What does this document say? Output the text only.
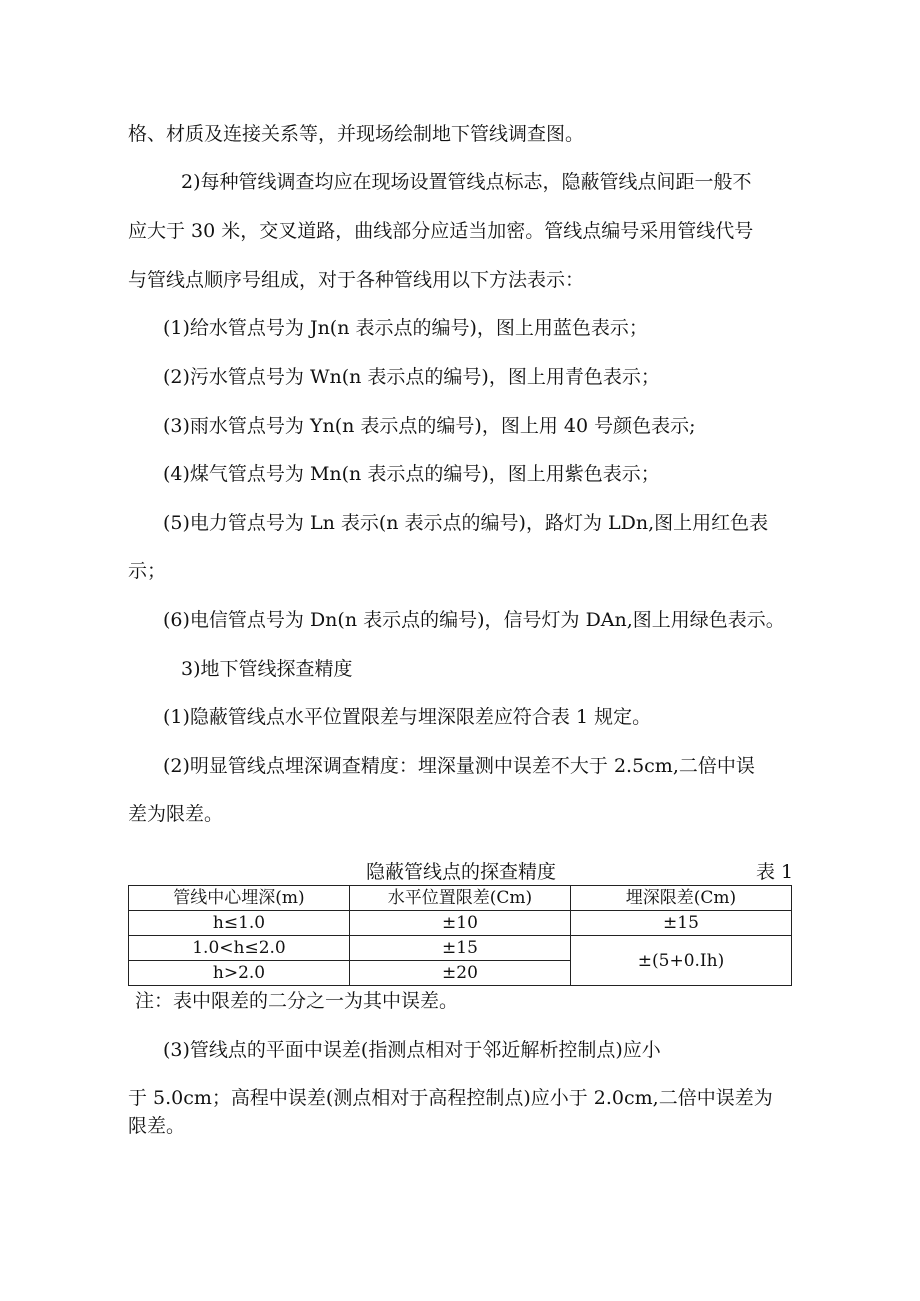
格、材质及连接关系等，并现场绘制地下管线调查图。
2)每种管线调查均应在现场设置管线点标志，隐蔽管线点间距一般不
应大于 30 米，交叉道路，曲线部分应适当加密。管线点编号采用管线代号
与管线点顺序号组成，对于各种管线用以下方法表示：
(1)给水管点号为 Jn(n 表示点的编号)，图上用蓝色表示；
(2)污水管点号为 Wn(n 表示点的编号)，图上用青色表示；
(3)雨水管点号为 Yn(n 表示点的编号)，图上用 40 号颜色表示;
(4)煤气管点号为 Mn(n 表示点的编号)，图上用紫色表示；
(5)电力管点号为 Ln 表示(n 表示点的编号)，路灯为 LDn,图上用红色表
示；
(6)电信管点号为 Dn(n 表示点的编号)，信号灯为 DAn,图上用绿色表示。
3)地下管线探查精度
(1)隐蔽管线点水平位置限差与埋深限差应符合表 1 规定。
(2)明显管线点埋深调查精度：埋深量测中误差不大于 2.5cm,二倍中误
差为限差。
隐蔽管线点的探查精度	表 1
管线中心埋深(m)	水平位置限差(Cm)	埋深限差(Cm)
h≤1.0	±10	±15
1.0<h≤2.0	±15	±(5+0.Ih)
h>2.0	±20	
注：表中限差的二分之一为其中误差。
(3)管线点的平面中误差(指测点相对于邻近解析控制点)应小
于 5.0cm；高程中误差(测点相对于高程控制点)应小于 2.0cm,二倍中误差为
限差。
